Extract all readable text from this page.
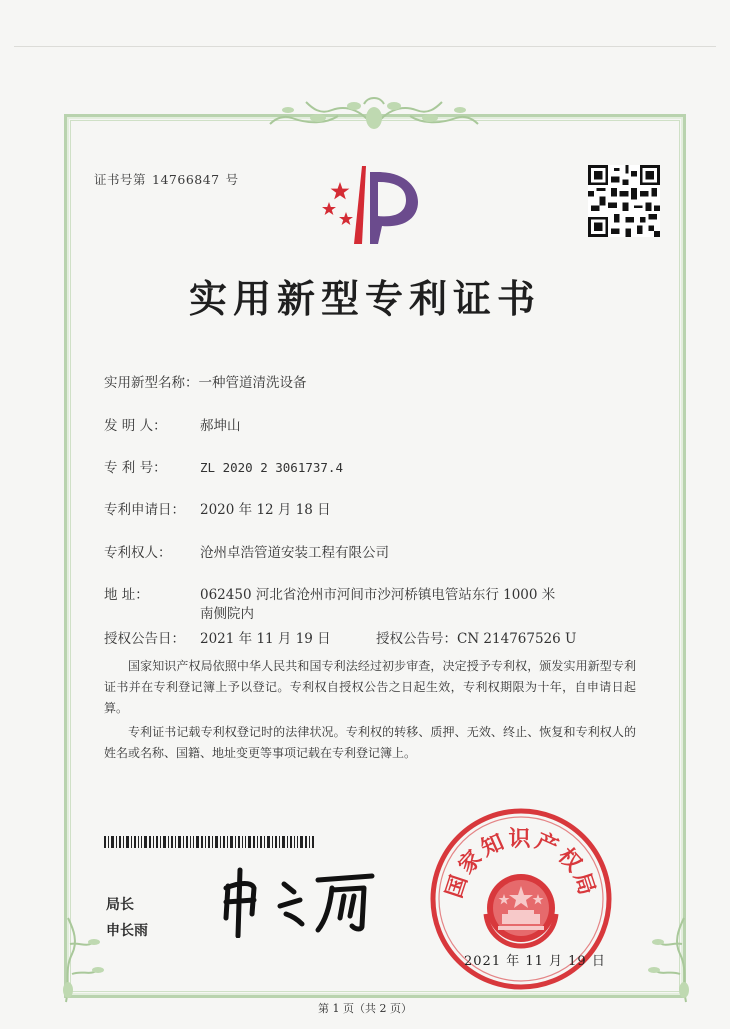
证书号第 14766847 号
实用新型专利证书
实用新型名称：一种管道清洗设备
发 明 人： 郝坤山
专 利 号：	ZL 2020 2 3061737.4
专利申请日： 2020 年 12 月 18 日
专利权人： 沧州卓浩管道安装工程有限公司
地 址：	062450 河北省沧州市河间市沙河桥镇电管站东行 1000 米
南侧院内
授权公告日： 2021 年 11 月 19 日	授权公告号：CN 214767526 U

国家知识产权局依照中华人民共和国专利法经过初步审查，决定授予专利权，颁发实用新型专利证书并在专利登记簿上予以登记。专利权自授权公告之日起生效，专利权期限为十年，自申请日起算。

专利证书记载专利权登记时的法律状况。专利权的转移、质押、无效、终止、恢复和专利权人的姓名或名称、国籍、地址变更等事项记载在专利登记簿上。

局长
申长雨
国家知识产权局
2021 年 11 月 19 日
第 1 页（共 2 页）
